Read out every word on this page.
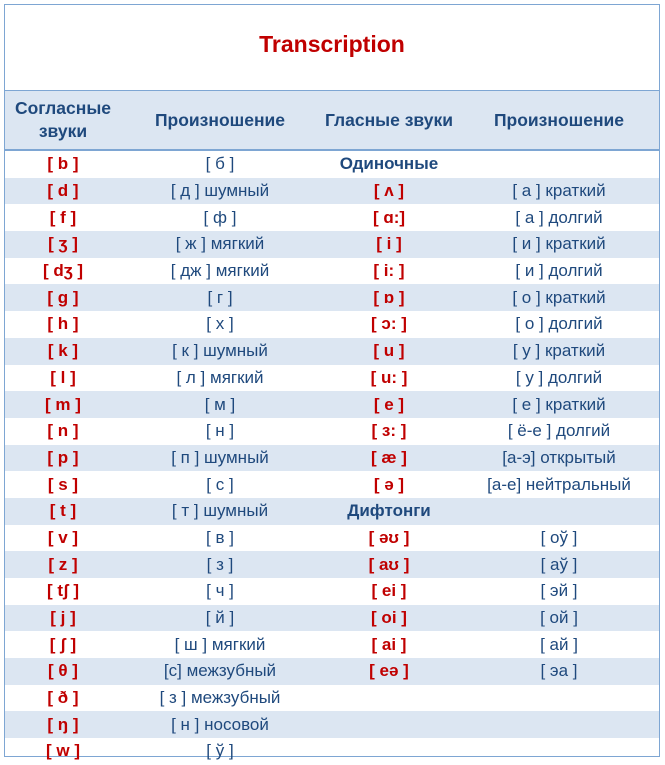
Transcription
Согласные звуки	Произношение	Гласные звуки	Произношение
[ b ]	[ б ]	Одиночные	
[ d ]	[ д ] шумный	[ ʌ ]	[ а ] краткий
[ f ]	[ ф ]	[ ɑ:]	[ а ] долгий
[ ʒ ]	[ ж ] мягкий	[ i ]	[ и ] краткий
[ dʒ ]	[ дж ] мягкий	[ i: ]	[ и ] долгий
[ g ]	[ г ]	[ ɒ ]	[ о ] краткий
[ h ]	[ х ]	[ ɔ: ]	[ о ] долгий
[ k ]	[ к ] шумный	[ u ]	[ у ] краткий
[ l ]	[ л ] мягкий	[ u: ]	[ у ] долгий
[ m ]	[ м ]	[ e ]	[ е ] краткий
[ n ]	[ н ]	[ ɜ: ]	[ ё-е ] долгий
[ p ]	[ п ] шумный	[ æ ]	[а-э] открытый
[ s ]	[ с ]	[ ə ]	[а-е] нейтральный
[ t ]	[ т ] шумный	Дифтонги	
[ v ]	[ в ]	[ əʊ ]	[ оў ]
[ z ]	[ з ]	[ aʊ ]	[ аў ]
[ tʃ ]	[ ч ]	[ ei ]	[ эй ]
[ j ]	[ й ]	[ oi ]	[ ой ]
[ ʃ ]	[ ш ] мягкий	[ ai ]	[ ай ]
[ θ ]	[с] межзубный	[ eə ]	[ эа ]
[ ð ]	[ з ] межзубный		
[ ŋ ]	[ н ] носовой		
[ w ]	[ ў ]		
